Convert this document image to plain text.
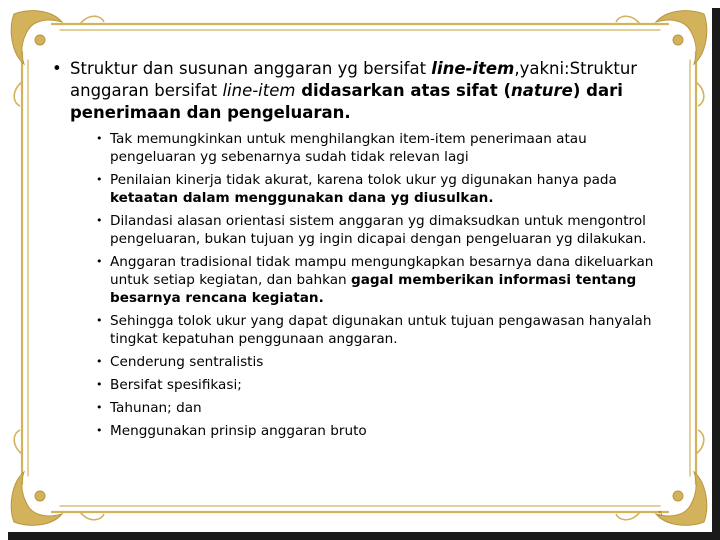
• Struktur dan susunan anggaran yg bersifat line-item,yakni:Struktur anggaran bersifat line-item didasarkan atas sifat (nature) dari penerimaan dan pengeluaran.
• Tak memungkinkan untuk menghilangkan item-item penerimaan atau pengeluaran yg sebenarnya sudah tidak relevan lagi
• Penilaian kinerja tidak akurat, karena tolok ukur yg digunakan hanya pada ketaatan dalam menggunakan dana yg diusulkan.
• Dilandasi alasan orientasi sistem anggaran yg dimaksudkan untuk mengontrol pengeluaran, bukan tujuan yg ingin dicapai dengan pengeluaran yg dilakukan.
• Anggaran tradisional tidak mampu mengungkapkan besarnya dana dikeluarkan untuk setiap kegiatan, dan bahkan gagal memberikan informasi tentang besarnya rencana kegiatan.
• Sehingga tolok ukur yang dapat digunakan untuk tujuan pengawasan hanyalah tingkat kepatuhan penggunaan anggaran.
• Cenderung sentralistis
• Bersifat spesifikasi;
• Tahunan; dan
• Menggunakan prinsip anggaran bruto
5
